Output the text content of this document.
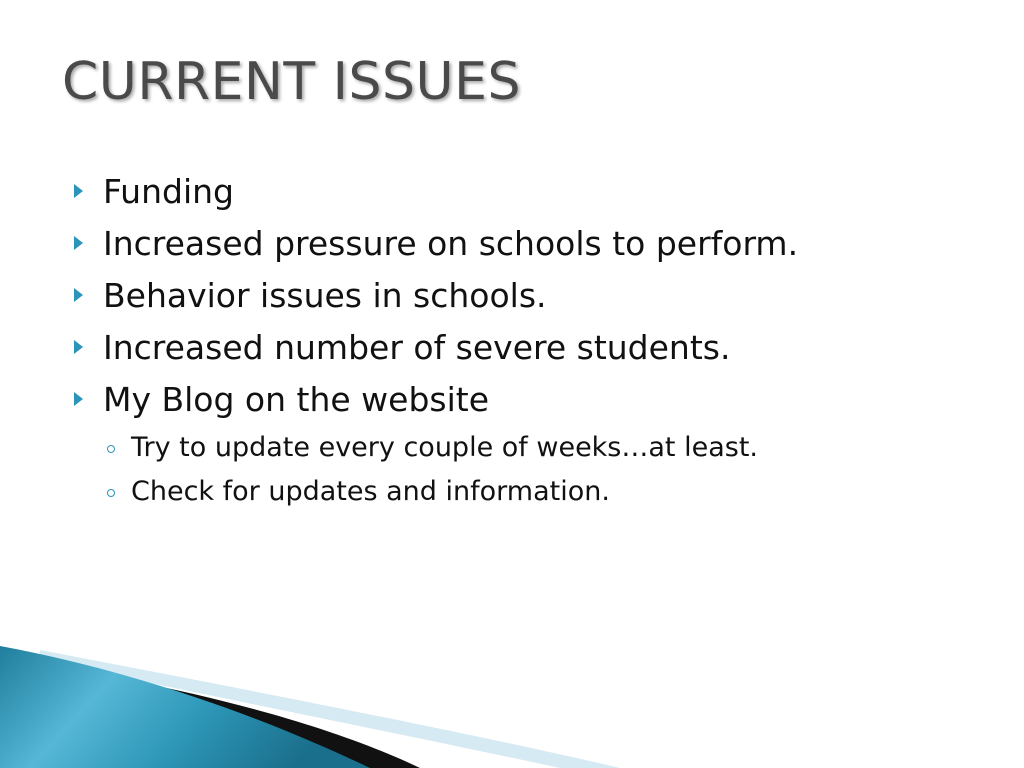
CURRENT ISSUES
Funding
Increased pressure on schools to perform.
Behavior issues in schools.
Increased number of severe students.
My Blog on the website
Try to update every couple of weeks…at least.
Check for updates and information.
